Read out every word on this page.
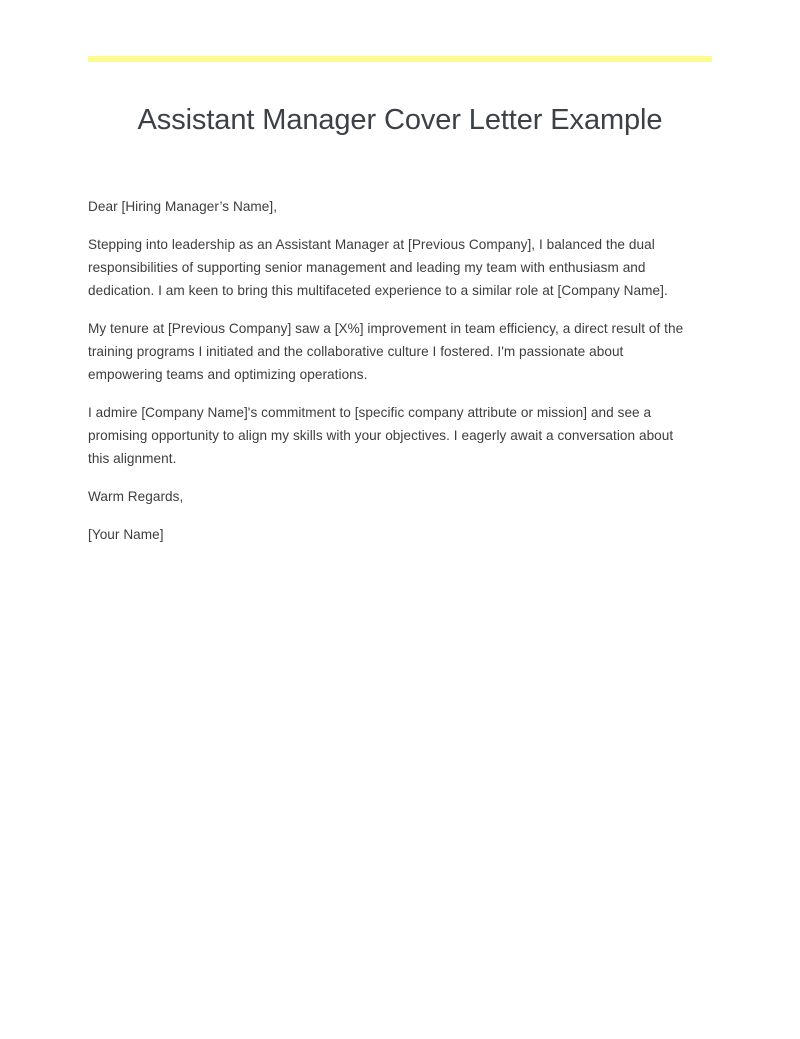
Assistant Manager Cover Letter Example

Dear [Hiring Manager’s Name],

Stepping into leadership as an Assistant Manager at [Previous Company], I balanced the dual responsibilities of supporting senior management and leading my team with enthusiasm and dedication. I am keen to bring this multifaceted experience to a similar role at [Company Name].

My tenure at [Previous Company] saw a [X%] improvement in team efficiency, a direct result of the training programs I initiated and the collaborative culture I fostered. I'm passionate about empowering teams and optimizing operations.

I admire [Company Name]'s commitment to [specific company attribute or mission] and see a promising opportunity to align my skills with your objectives. I eagerly await a conversation about this alignment.

Warm Regards,

[Your Name]
